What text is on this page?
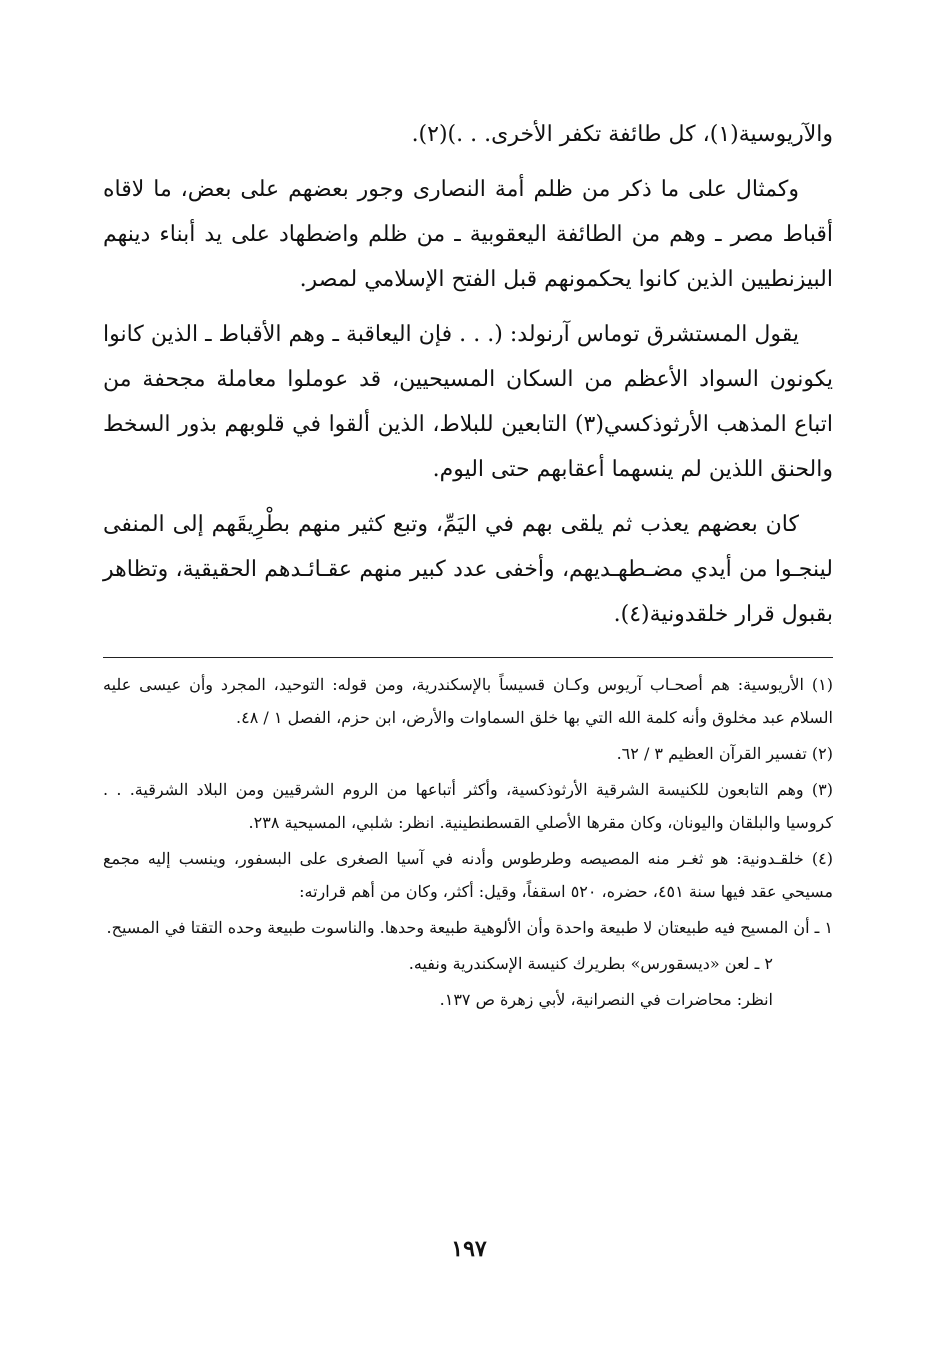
والآريوسية(١)، كل طائفة تكفر الأخرى. . .)(٢).

وكمثال على ما ذكر من ظلم أمة النصارى وجور بعضهم على بعض، ما لاقاه أقباط مصر ـ وهم من الطائفة اليعقوبية ـ من ظلم واضطهاد على يد أبناء دينهم البيزنطيين الذين كانوا يحكمونهم قبل الفتح الإسلامي لمصر.

يقول المستشرق توماس آرنولد: (. . . فإن اليعاقبة ـ وهم الأقباط ـ الذين كانوا يكونون السواد الأعظم من السكان المسيحيين، قد عوملوا معاملة مجحفة من اتباع المذهب الأرثوذكسي(٣) التابعين للبلاط، الذين ألقوا في قلوبهم بذور السخط والحنق اللذين لم ينسهما أعقابهم حتى اليوم.

كان بعضهم يعذب ثم يلقى بهم في اليَمِّ، وتبع كثير منهم بطْرِيقَهم إلى المنفى لينجـوا من أيدي مضـطهـديهم، وأخفى عدد كبير منهم عقـائـدهم الحقيقية، وتظاهر بقبول قرار خلقدونية(٤).

(١) الأريوسية: هم أصحـاب آريوس وكـان قسيساً بالإسكندرية، ومن قوله: التوحيد، المجرد وأن عيسى عليه السلام عبد مخلوق وأنه كلمة الله التي بها خلق السماوات والأرض، ابن حزم، الفصل ١ / ٤٨.

(٢) تفسير القرآن العظيم ٣ / ٦٢.

(٣) وهم التابعون للكنيسة الشرقية الأرثوذكسية، وأكثر أتباعها من الروم الشرقيين ومن البلاد الشرقية. . . كروسيا والبلقان واليونان، وكان مقرها الأصلي القسطنطينية. انظر: شلبي، المسيحية ٢٣٨.

(٤) خلقـدونية: هو ثغـر منه المصيصه وطرطوس وأدنه في آسيا الصغرى على البسفور، وينسب إليه مجمع مسيحي عقد فيها سنة ٤٥١، حضره، ٥٢٠ اسقفاً، وقيل: أكثر، وكان من أهم قرارته:

١ ـ أن المسيح فيه طبيعتان لا طبيعة واحدة وأن الألوهية طبيعة وحدها. والناسوت طبيعة وحده التقتا في المسيح.

٢ ـ لعن «ديسقورس» بطريرك كنيسة الإسكندرية ونفيه.

انظر: محاضرات في النصرانية، لأبي زهرة ص ١٣٧.

١٩٧
